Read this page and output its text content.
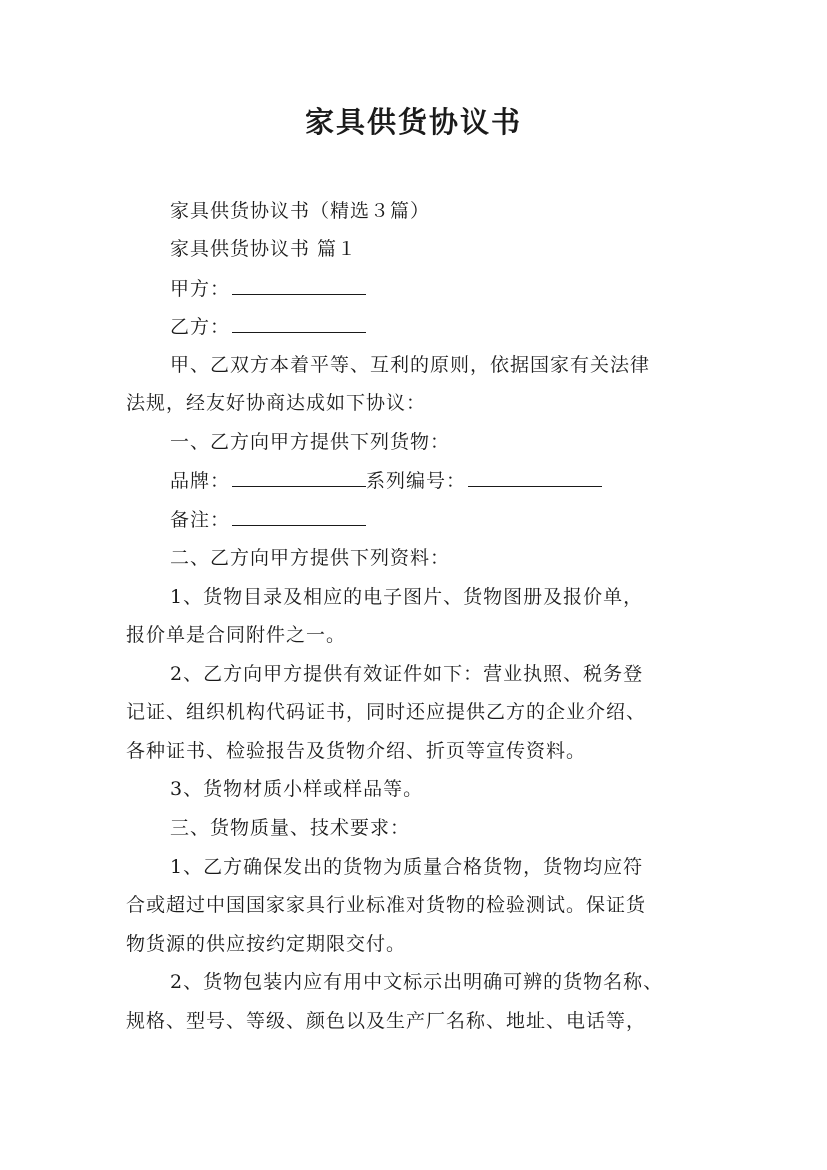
家具供货协议书
家具供货协议书（精选３篇）
家具供货协议书 篇１
甲方：
乙方：
甲、乙双方本着平等、互利的原则，依据国家有关法律
法规，经友好协商达成如下协议：
一、乙方向甲方提供下列货物：
品牌：	系列编号：
备注：
二、乙方向甲方提供下列资料：
1、货物目录及相应的电子图片、货物图册及报价单，
报价单是合同附件之一。
2、乙方向甲方提供有效证件如下：营业执照、税务登
记证、组织机构代码证书，同时还应提供乙方的企业介绍、
各种证书、检验报告及货物介绍、折页等宣传资料。
3、货物材质小样或样品等。
三、货物质量、技术要求：
1、乙方确保发出的货物为质量合格货物，货物均应符
合或超过中国国家家具行业标准对货物的检验测试。保证货
物货源的供应按约定期限交付。
2、货物包装内应有用中文标示出明确可辨的货物名称、
规格、型号、等级、颜色以及生产厂名称、地址、电话等，
